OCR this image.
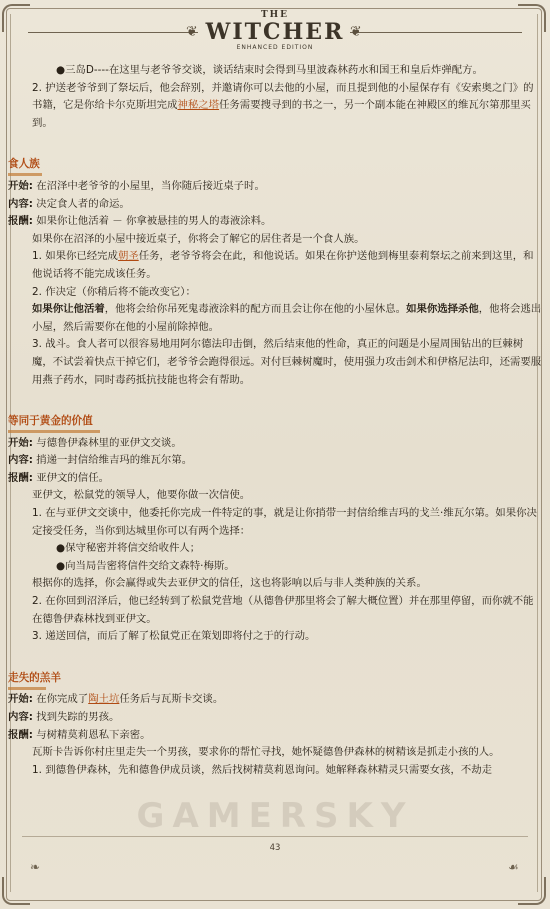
❦	❦
THE
WITCHER
ENHANCED EDITION

●三岛D----在这里与老爷爷交谈，谈话结束时会得到马里波森林药水和国王和皇后炸弹配方。

2. 护送老爷爷到了祭坛后，他会辞别，并邀请你可以去他的小屋，而且提到他的小屋保存有《安索奥之门》的书籍，它是你给卡尔克斯坦完成神秘之塔任务需要搜寻到的书之一，另一个副本能在神殿区的维瓦尔第那里买到。

食人族

开始: 在沼泽中老爷爷的小屋里，当你随后接近桌子时。

内容: 决定食人者的命运。

报酬: 如果你让他活着 － 你拿被悬挂的男人的毒液涂料。

如果你在沼泽的小屋中接近桌子，你将会了解它的居住者是一个食人族。

1. 如果你已经完成朝圣任务，老爷爷将会在此，和他说话。如果在你护送他到梅里泰莉祭坛之前来到这里，和他说话将不能完成该任务。

2. 作决定（你稍后将不能改变它）：

如果你让他活着，他将会给你吊死鬼毒液涂料的配方而且会让你在他的小屋休息。如果你选择杀他，他将会逃出小屋，然后需要你在他的小屋前除掉他。

3. 战斗。食人者可以很容易地用阿尔德法印击倒，然后结束他的性命，真正的问题是小屋周围钻出的巨棘树魔，不试尝着快点干掉它们，老爷爷会跑得很远。对付巨棘树魔时，使用强力攻击剑术和伊格尼法印，还需要服用燕子药水，同时毒药抵抗技能也将会有帮助。

等同于黄金的价值

开始: 与德鲁伊森林里的亚伊文交谈。

内容: 捎递一封信给维吉玛的维瓦尔第。

报酬: 亚伊文的信任。

亚伊文，松鼠党的领导人，他要你做一次信使。

1. 在与亚伊文交谈中，他委托你完成一件特定的事，就是让你捎带一封信给维吉玛的戈兰·维瓦尔第。如果你决定接受任务，当你到达城里你可以有两个选择：

●保守秘密并将信交给收件人；

●向当局告密将信件交给文森特·梅斯。

根据你的选择，你会赢得或失去亚伊文的信任，这也将影响以后与非人类种族的关系。

2. 在你回到沼泽后，他已经转到了松鼠党营地（从德鲁伊那里将会了解大概位置）并在那里停留，而你就不能在德鲁伊森林找到亚伊文。

3. 递送回信，而后了解了松鼠党正在策划即将付之于的行动。

走失的羔羊

开始: 在你完成了陶土坑任务后与瓦斯卡交谈。

内容: 找到失踪的男孩。

报酬: 与树精莫莉恩私下亲密。

瓦斯卡告诉你村庄里走失一个男孩，要求你的帮忙寻找，她怀疑德鲁伊森林的树精该是抓走小孩的人。

1. 到德鲁伊森林，先和德鲁伊成员谈，然后找树精莫莉恩询问。她解释森林精灵只需要女孩，不劫走

GAMERSKY
43
❧	☙
